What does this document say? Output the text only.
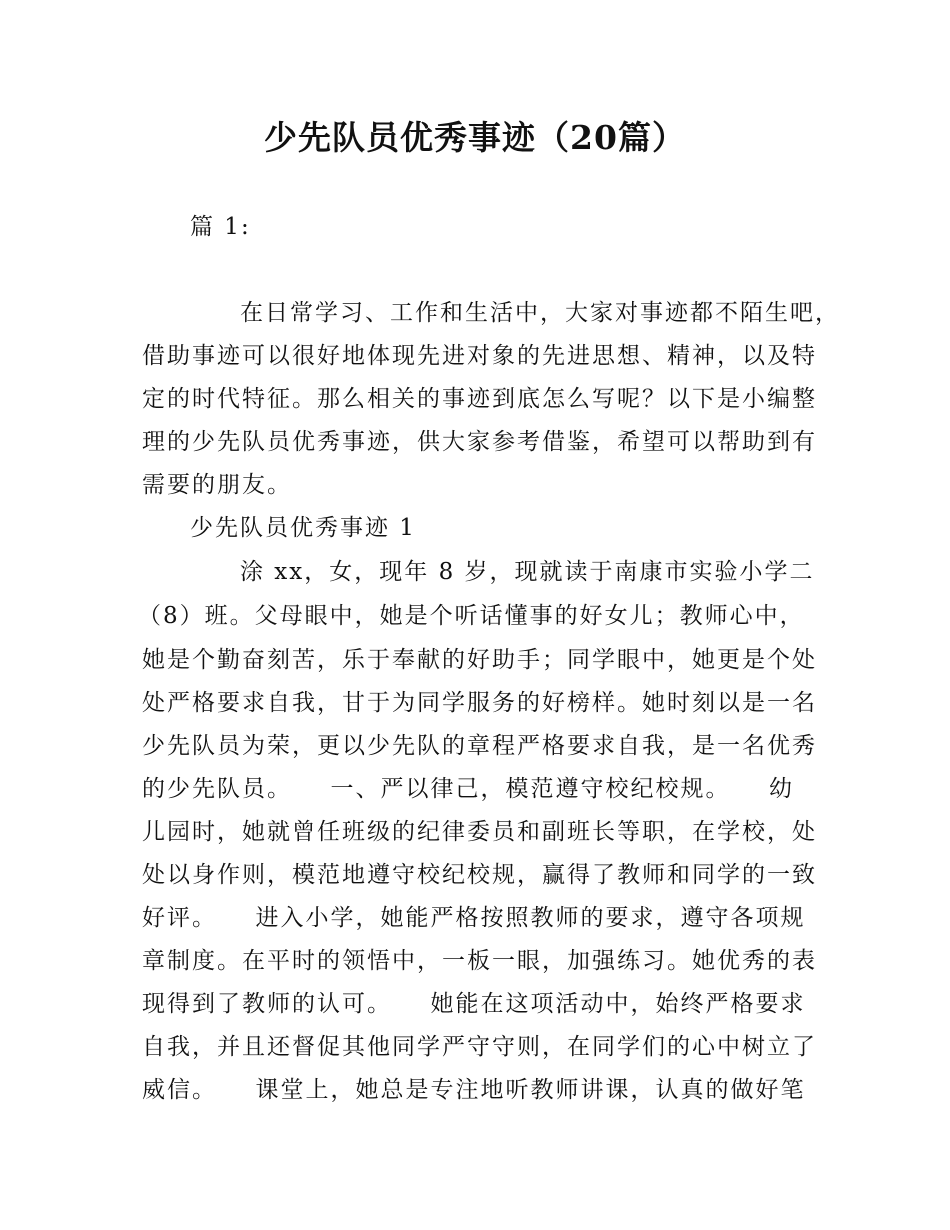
少先队员优秀事迹（20篇）
篇 1:
在日常学习、工作和生活中，大家对事迹都不陌生吧，
借助事迹可以很好地体现先进对象的先进思想、精神，以及特
定的时代特征。那么相关的事迹到底怎么写呢？以下是小编整
理的少先队员优秀事迹，供大家参考借鉴，希望可以帮助到有
需要的朋友。
少先队员优秀事迹 1
涂 xx，女，现年 8 岁，现就读于南康市实验小学二
（8）班。父母眼中，她是个听话懂事的好女儿；教师心中，
她是个勤奋刻苦，乐于奉献的好助手；同学眼中，她更是个处
处严格要求自我，甘于为同学服务的好榜样。她时刻以是一名
少先队员为荣，更以少先队的章程严格要求自我，是一名优秀
的少先队员。　　一、严以律己，模范遵守校纪校规。　　幼
儿园时，她就曾任班级的纪律委员和副班长等职，在学校，处
处以身作则，模范地遵守校纪校规，赢得了教师和同学的一致
好评。　　进入小学，她能严格按照教师的要求，遵守各项规
章制度。在平时的领悟中，一板一眼，加强练习。她优秀的表
现得到了教师的认可。　　她能在这项活动中，始终严格要求
自我，并且还督促其他同学严守守则，在同学们的心中树立了
威信。　　课堂上，她总是专注地听教师讲课，认真的做好笔
